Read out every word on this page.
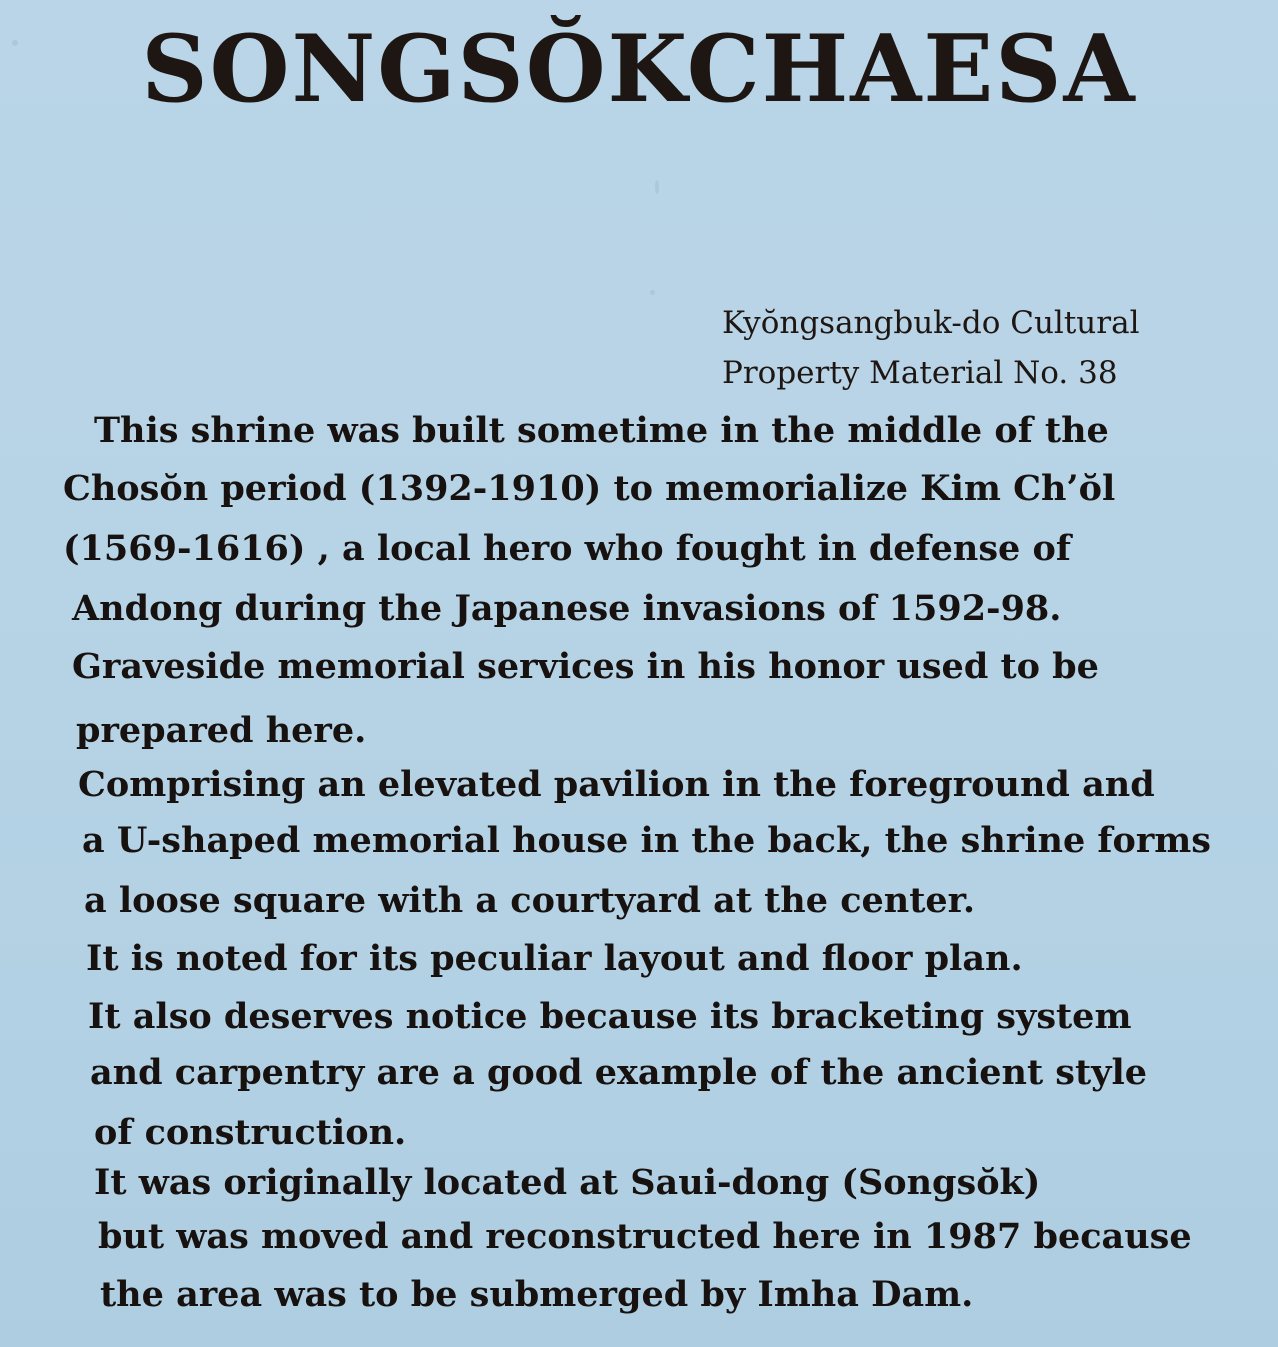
SONGSŎKCHAESA
Kyŏngsangbuk-do Cultural
Property Material No. 38
This shrine was built sometime in the middle of the
Chosŏn period (1392-1910) to memorialize Kim Ch’ŏl
(1569-1616) , a local hero who fought in defense of
Andong during the Japanese invasions of 1592-98.
Graveside memorial services in his honor used to be
prepared here.
Comprising an elevated pavilion in the foreground and
a U-shaped memorial house in the back, the shrine forms
a loose square with a courtyard at the center.
It is noted for its peculiar layout and floor plan.
It also deserves notice because its bracketing system
and carpentry are a good example of the ancient style
of construction.
It was originally located at Saui-dong (Songsŏk)
but was moved and reconstructed here in 1987 because
the area was to be submerged by Imha Dam.
